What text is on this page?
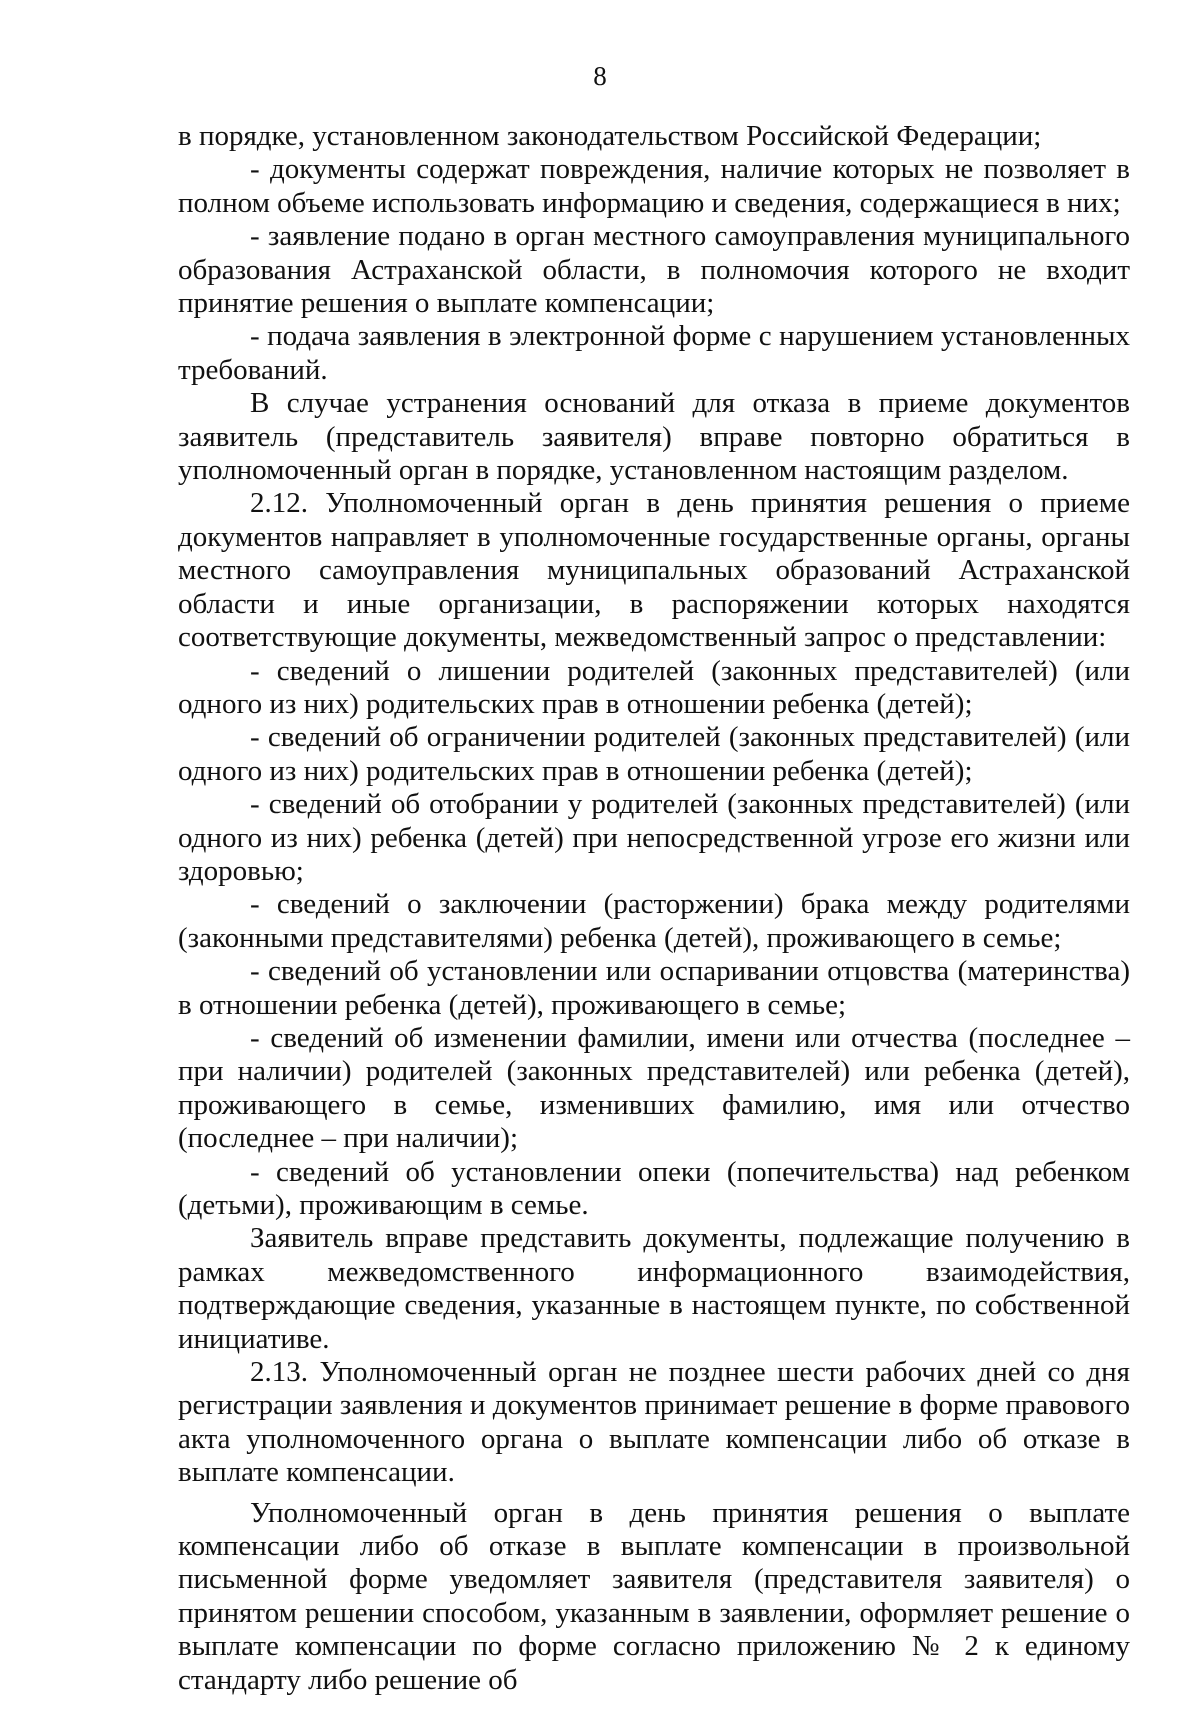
8

в порядке, установленном законодательством Российской Федерации;

- документы содержат повреждения, наличие которых не позволяет в полном объеме использовать информацию и сведения, содержащиеся в них;

- заявление подано в орган местного самоуправления муниципального образования Астраханской области, в полномочия которого не входит принятие решения о выплате компенсации;

- подача заявления в электронной форме с нарушением установленных требований.

В случае устранения оснований для отказа в приеме документов заявитель (представитель заявителя) вправе повторно обратиться в уполномоченный орган в порядке, установленном настоящим разделом.

2.12. Уполномоченный орган в день принятия решения о приеме документов направляет в уполномоченные государственные органы, органы местного самоуправления муниципальных образований Астраханской области и иные организации, в распоряжении которых находятся соответствующие документы, межведомственный запрос о представлении:

- сведений о лишении родителей (законных представителей) (или одного из них) родительских прав в отношении ребенка (детей);

- сведений об ограничении родителей (законных представителей) (или одного из них) родительских прав в отношении ребенка (детей);

- сведений об отобрании у родителей (законных представителей) (или одного из них) ребенка (детей) при непосредственной угрозе его жизни или здоровью;

- сведений о заключении (расторжении) брака между родителями (законными представителями) ребенка (детей), проживающего в семье;

- сведений об установлении или оспаривании отцовства (материнства) в отношении ребенка (детей), проживающего в семье;

- сведений об изменении фамилии, имени или отчества (последнее – при наличии) родителей (законных представителей) или ребенка (детей), проживающего в семье, изменивших фамилию, имя или отчество (последнее – при наличии);

- сведений об установлении опеки (попечительства) над ребенком (детьми), проживающим в семье.

Заявитель вправе представить документы, подлежащие получению в рамках межведомственного информационного взаимодействия, подтверждающие сведения, указанные в настоящем пункте, по собственной инициативе.

2.13. Уполномоченный орган не позднее шести рабочих дней со дня регистрации заявления и документов принимает решение в форме правового акта уполномоченного органа о выплате компенсации либо об отказе в выплате компенсации.

Уполномоченный орган в день принятия решения о выплате компенсации либо об отказе в выплате компенсации в произвольной письменной форме уведомляет заявителя (представителя заявителя) о принятом решении способом, указанным в заявлении, оформляет решение о выплате компенсации по форме согласно приложению № 2 к единому стандарту либо решение об
